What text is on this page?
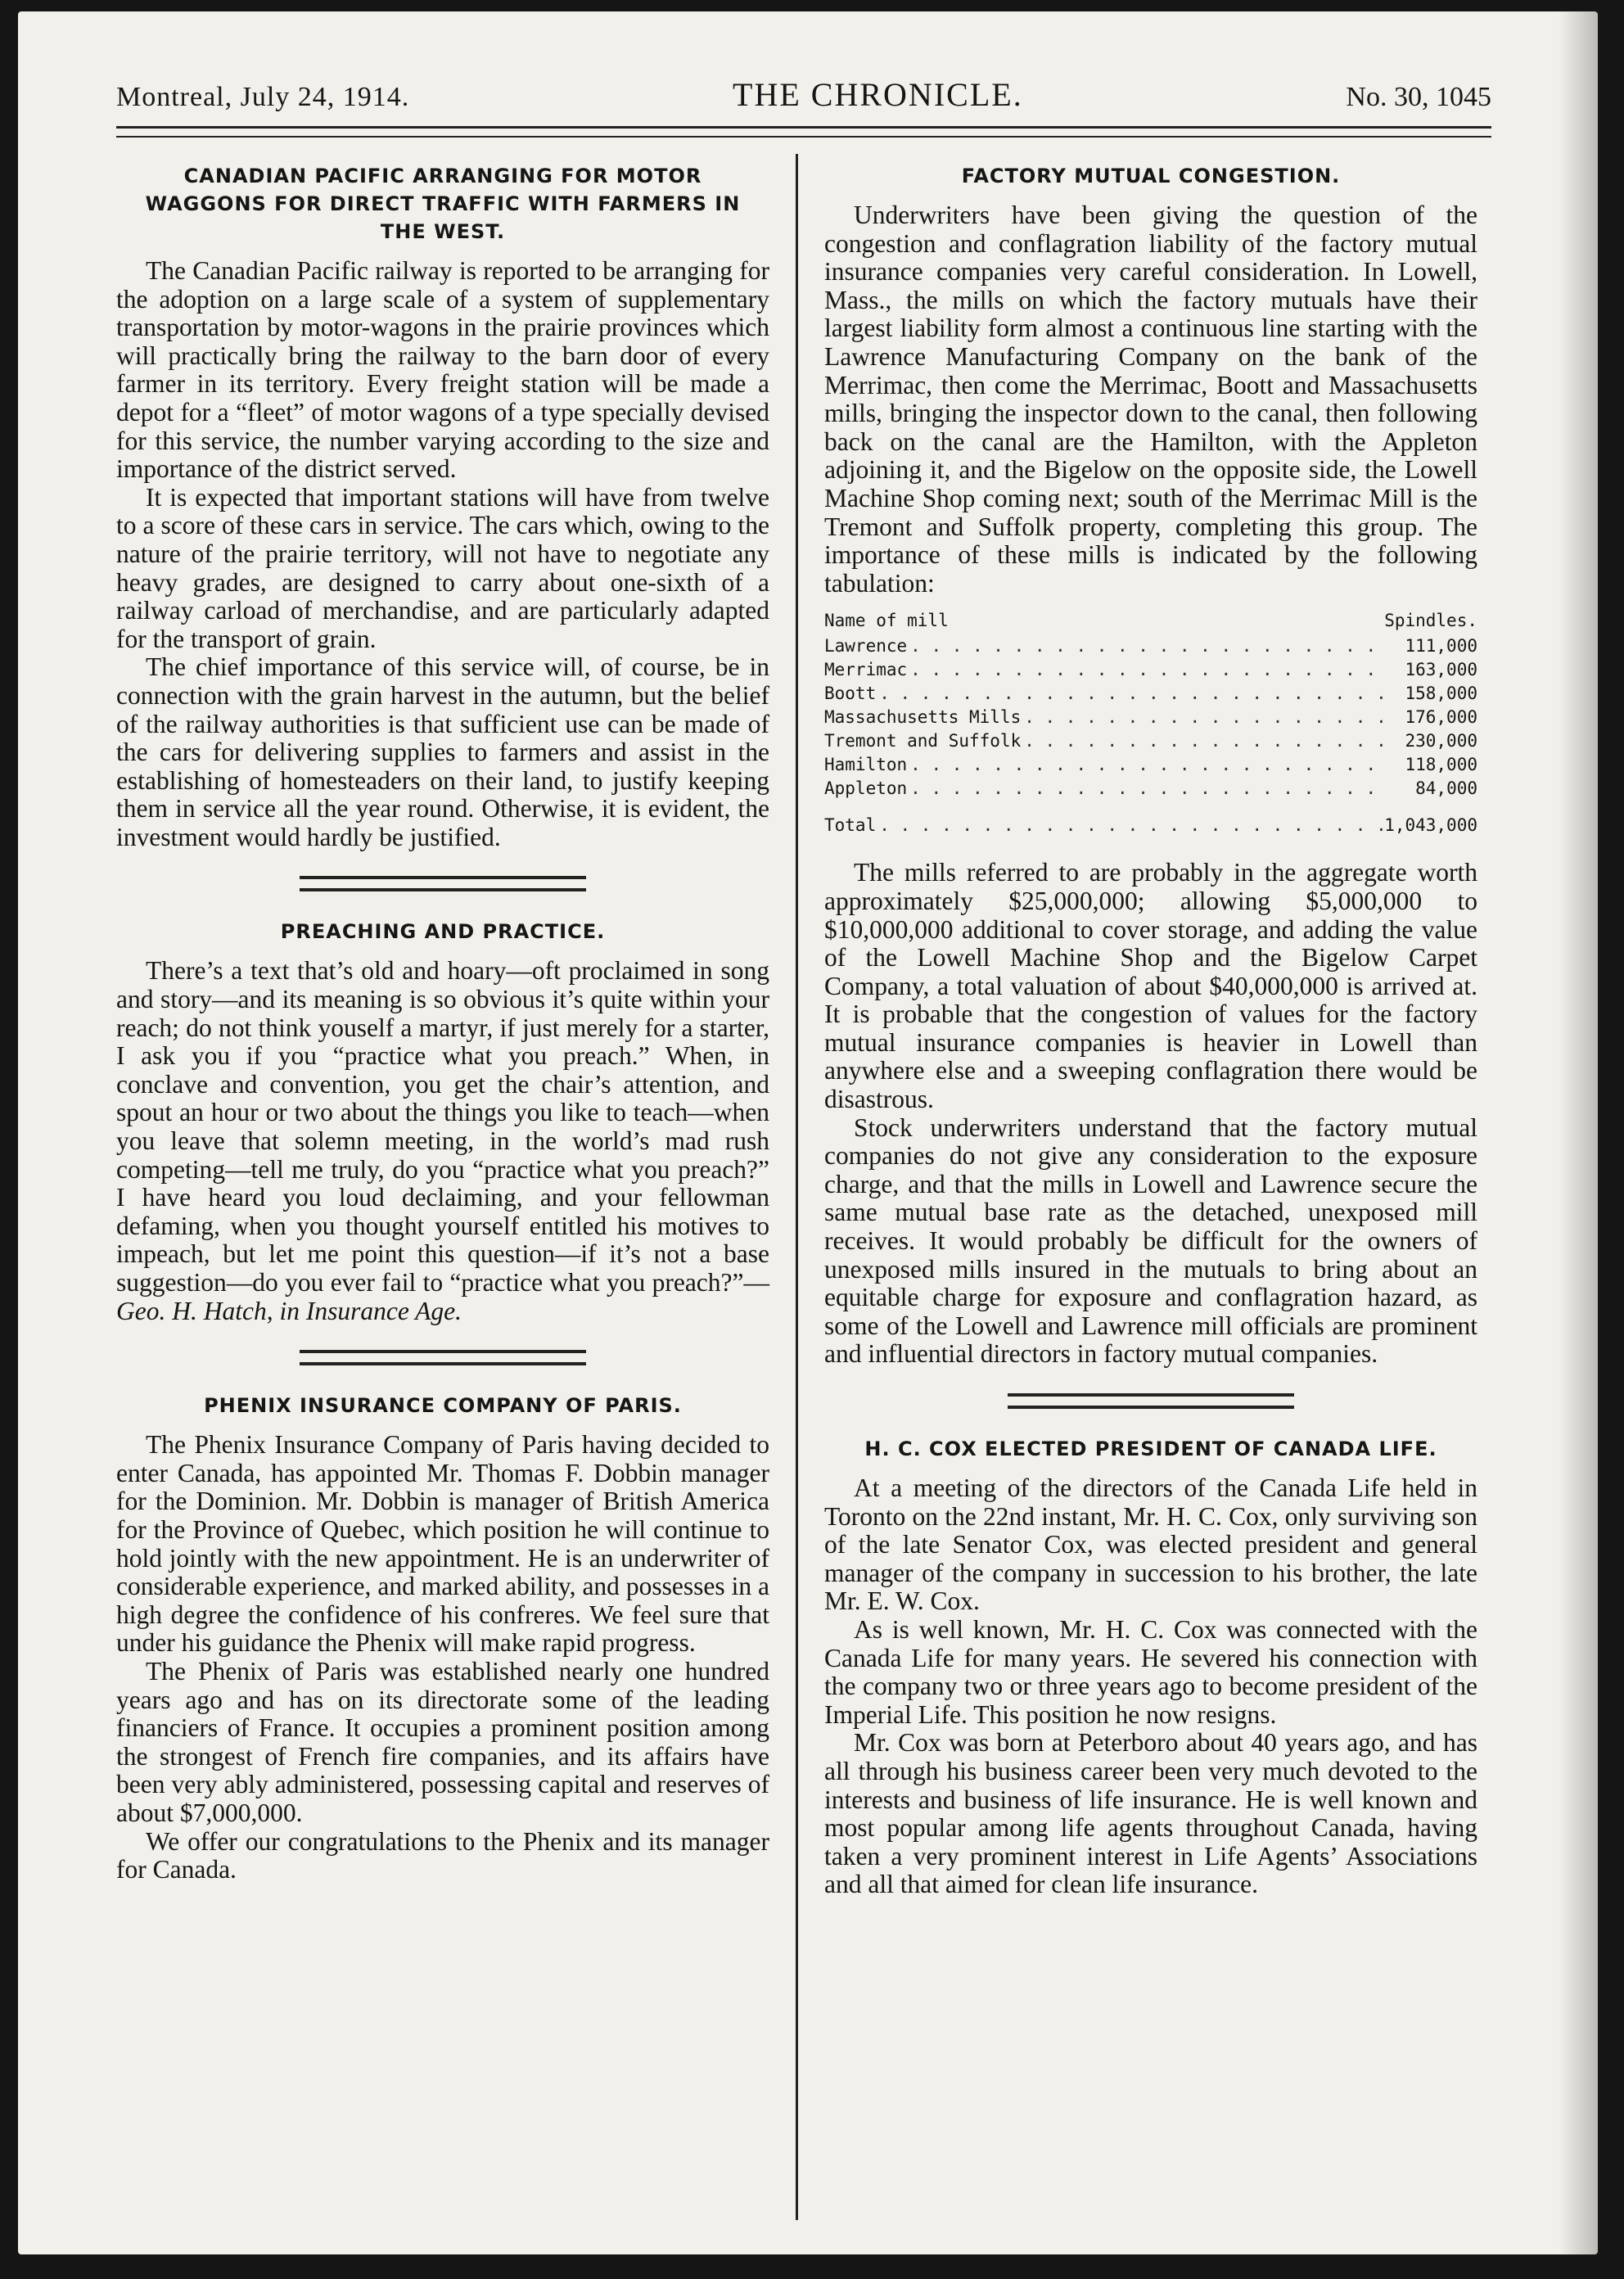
Montreal, July 24, 1914.	THE CHRONICLE.	No. 30, 1045
CANADIAN PACIFIC ARRANGING FOR MOTOR WAGGONS FOR DIRECT TRAFFIC WITH FARMERS IN THE WEST.

The Canadian Pacific railway is reported to be arranging for the adoption on a large scale of a system of supplementary transportation by motor-wagons in the prairie provinces which will practically bring the railway to the barn door of every farmer in its territory. Every freight station will be made a depot for a “fleet” of motor wagons of a type specially devised for this service, the number varying according to the size and importance of the district served.

It is expected that important stations will have from twelve to a score of these cars in service. The cars which, owing to the nature of the prairie territory, will not have to negotiate any heavy grades, are designed to carry about one-sixth of a railway carload of merchandise, and are particularly adapted for the transport of grain.

The chief importance of this service will, of course, be in connection with the grain harvest in the autumn, but the belief of the railway authorities is that sufficient use can be made of the cars for delivering supplies to farmers and assist in the establishing of homesteaders on their land, to justify keeping them in service all the year round. Otherwise, it is evident, the investment would hardly be justified.

PREACHING AND PRACTICE.

There’s a text that’s old and hoary—oft proclaimed in song and story—and its meaning is so obvious it’s quite within your reach; do not think youself a martyr, if just merely for a starter, I ask you if you “practice what you preach.” When, in conclave and convention, you get the chair’s attention, and spout an hour or two about the things you like to teach—when you leave that solemn meeting, in the world’s mad rush competing—tell me truly, do you “practice what you preach?” I have heard you loud declaiming, and your fellowman defaming, when you thought yourself entitled his motives to impeach, but let me point this question—if it’s not a base suggestion—do you ever fail to “practice what you preach?”—Geo. H. Hatch, in Insurance Age.

PHENIX INSURANCE COMPANY OF PARIS.

The Phenix Insurance Company of Paris having decided to enter Canada, has appointed Mr. Thomas F. Dobbin manager for the Dominion. Mr. Dobbin is manager of British America for the Province of Quebec, which position he will continue to hold jointly with the new appointment. He is an underwriter of considerable experience, and marked ability, and possesses in a high degree the confidence of his confreres. We feel sure that under his guidance the Phenix will make rapid progress.

The Phenix of Paris was established nearly one hundred years ago and has on its directorate some of the leading financiers of France. It occupies a prominent position among the strongest of French fire companies, and its affairs have been very ably administered, possessing capital and reserves of about $7,000,000.

We offer our congratulations to the Phenix and its manager for Canada.

FACTORY MUTUAL CONGESTION.

Underwriters have been giving the question of the congestion and conflagration liability of the factory mutual insurance companies very careful consideration. In Lowell, Mass., the mills on which the factory mutuals have their largest liability form almost a continuous line starting with the Lawrence Manufacturing Company on the bank of the Merrimac, then come the Merrimac, Boott and Massachusetts mills, bringing the inspector down to the canal, then following back on the canal are the Hamilton, with the Appleton adjoining it, and the Bigelow on the opposite side, the Lowell Machine Shop coming next; south of the Merrimac Mill is the Tremont and Suffolk property, completing this group. The importance of these mills is indicated by the following tabulation:

Name of mill	Spindles.
Lawrence . . .	111,000
Merrimac . . .	163,000
Boott . . .	158,000
Massachusetts Mills . . .	176,000
Tremont and Suffolk . . .	230,000
Hamilton . . .	118,000
Appleton . . .	84,000
Total . . .	1,043,000

The mills referred to are probably in the aggregate worth approximately $25,000,000; allowing $5,000,000 to $10,000,000 additional to cover storage, and adding the value of the Lowell Machine Shop and the Bigelow Carpet Company, a total valuation of about $40,000,000 is arrived at. It is probable that the congestion of values for the factory mutual insurance companies is heavier in Lowell than anywhere else and a sweeping conflagration there would be disastrous.

Stock underwriters understand that the factory mutual companies do not give any consideration to the exposure charge, and that the mills in Lowell and Lawrence secure the same mutual base rate as the detached, unexposed mill receives. It would probably be difficult for the owners of unexposed mills insured in the mutuals to bring about an equitable charge for exposure and conflagration hazard, as some of the Lowell and Lawrence mill officials are prominent and influential directors in factory mutual companies.

H. C. COX ELECTED PRESIDENT OF CANADA LIFE.

At a meeting of the directors of the Canada Life held in Toronto on the 22nd instant, Mr. H. C. Cox, only surviving son of the late Senator Cox, was elected president and general manager of the company in succession to his brother, the late Mr. E. W. Cox.

As is well known, Mr. H. C. Cox was connected with the Canada Life for many years. He severed his connection with the company two or three years ago to become president of the Imperial Life. This position he now resigns.

Mr. Cox was born at Peterboro about 40 years ago, and has all through his business career been very much devoted to the interests and business of life insurance. He is well known and most popular among life agents throughout Canada, having taken a very prominent interest in Life Agents’ Associations and all that aimed for clean life insurance.
